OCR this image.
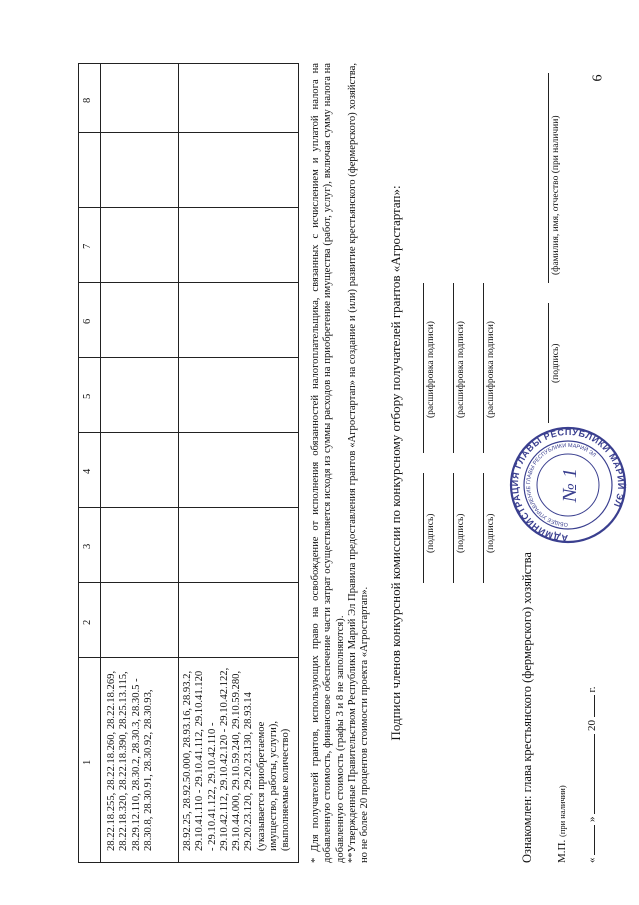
6
1
2
3
4
5
6
7
8
28.22.18.255, 28.22.18.260, 28.22.18.269, 28.22.18.320, 28.22.18.390, 28.25.13.115, 28.29.12.110, 28.30.2, 28.30.3, 28.30.5 - 28.30.8, 28.30.91, 28.30.92, 28.30.93,	28.92.25, 28.92.50.000, 28.93.16, 28.93.2, 29.10.41.110 - 29.10.41.112, 29.10.41.120 - 29.10.41.122, 29.10.42.110 - 29.10.42.112, 29.10.42.120 - 29.10.42.122, 29.10.44.000, 29.10.59.240, 29.10.59.280, 29.20.23.120, 29.20.23.130, 28.93.14 (указывается приобретаемое имущество, работы, услуги), (выполняемые количество) * Для получателей грантов, использующих право на освобождение от исполнения обязанностей налогоплательщика, связанных с исчислением и уплатой налога на добавленную стоимость, финансовое обеспечение части затрат осуществляется исходя из суммы расходов на приобретение имущества (работ, услуг), включая сумму налога на добавленную стоимость (графы 3 и 8 не заполняются). **Утвержденные Правительством Республики Марий Эл Правила предоставления грантов «Агростартап» на создание и (или) развитие крестьянского (фермерского) хозяйства, но не более 20 процентов стоимости проекта «Агростартап». Подписи членов конкурсной комиссии по конкурсному отбору получателей грантов «Агростартап»: (подпись)
(расшифровка подписи)
(подпись)
(расшифровка подписи)
(подпись)
(расшифровка подписи)
Ознакомлен: глава крестьянского (фермерского) хозяйства М.П. (при наличии)
«  »  20  г.
(подпись)
(фамилия, имя, отчество (при наличии)
АДМИНИСТРАЦИЯ ГЛАВЫ РЕСПУБЛИКИ МАРИЙ ЭЛ
ОБЩЕЕ УПРАВЛЕНИЕ ГЛАВЫ РЕСПУБЛИКИ МАРИЙ ЭЛ
№ 1
